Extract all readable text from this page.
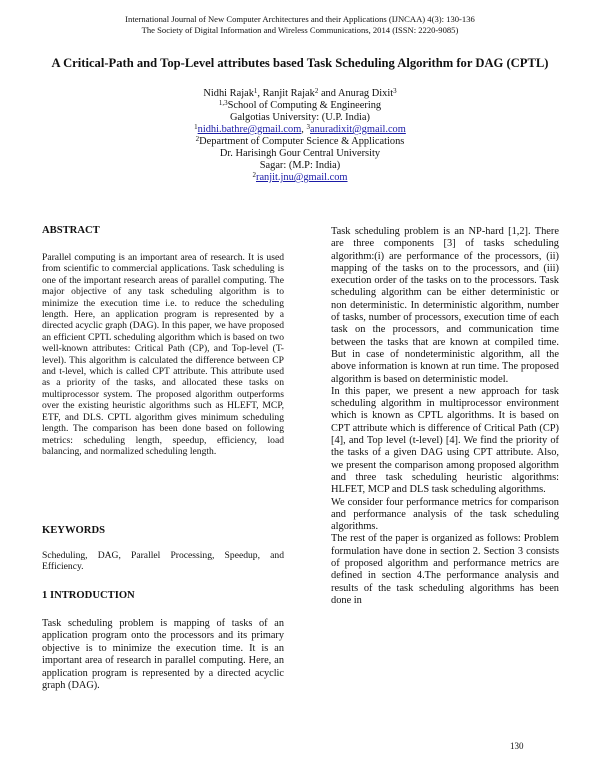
International Journal of New Computer Architectures and their Applications (IJNCAA) 4(3): 130-136
The Society of Digital Information and Wireless Communications, 2014 (ISSN: 2220-9085)
A Critical-Path and Top-Level attributes based Task Scheduling Algorithm for DAG (CPTL)
Nidhi Rajak$^1$, Ranjit Rajak$^2$ and Anurag Dixit$^3$
$^{1,3}$School of Computing & Engineering
Galgotias University: (U.P. India)
$^1$nidhi.bathre@gmail.com, $^3$anuradixit@gmail.com
$^2$Department of Computer Science & Applications
Dr. Harisingh Gour Central University
Sagar: (M.P: India)
$^2$ranjit.jnu@gmail.com
ABSTRACT

Parallel computing is an important area of research. It is used from scientific to commercial applications. Task scheduling is one of the important research areas of parallel computing. The major objective of any task scheduling algorithm is to minimize the execution time i.e. to reduce the scheduling length. Here, an application program is represented by a directed acyclic graph (DAG). In this paper, we have proposed an efficient CPTL scheduling algorithm which is based on two well-known attributes: Critical Path (CP), and Top-level (T-level). This algorithm is calculated the difference between CP and t-level, which is called CPT attribute. This attribute used as a priority of the tasks, and allocated these tasks on multiprocessor system. The proposed algorithm outperforms over the existing heuristic algorithms such as HLEFT, MCP, ETF, and DLS. CPTL algorithm gives minimum scheduling length. The comparison has been done based on following metrics: scheduling length, speedup, efficiency, load balancing, and normalized scheduling length.

KEYWORDS

Scheduling, DAG, Parallel Processing, Speedup, and Efficiency.

1 INTRODUCTION

Task scheduling problem is mapping of tasks of an application program onto the processors and its primary objective is to minimize the execution time. It is an important area of research in parallel computing. Here, an application program is represented by a directed acyclic graph (DAG).

Task scheduling problem is an NP-hard [1,2]. There are three components [3] of tasks scheduling algorithm:(i) are performance of the processors, (ii) mapping of the tasks on to the processors, and (iii) execution order of the tasks on to the processors. Task scheduling algorithm can be either deterministic or non deterministic. In deterministic algorithm, number of tasks, number of processors, execution time of each task on the processors, and communication time between the tasks that are known at compiled time. But in case of nondeterministic algorithm, all the above information is known at run time. The proposed algorithm is based on deterministic model.

In this paper, we present a new approach for task scheduling algorithm in multiprocessor environment which is known as CPTL algorithms. It is based on CPT attribute which is difference of Critical Path (CP) [4], and Top level (t-level) [4]. We find the priority of the tasks of a given DAG using CPT attribute. Also, we present the comparison among proposed algorithm and three task scheduling heuristic algorithms: HLFET, MCP and DLS task scheduling algorithms.

We consider four performance metrics for comparison and performance analysis of the task scheduling algorithms.

The rest of the paper is organized as follows: Problem formulation have done in section 2. Section 3 consists of proposed algorithm and performance metrics are defined in section 4.The performance analysis and results of the task scheduling algorithms has been done in

130
